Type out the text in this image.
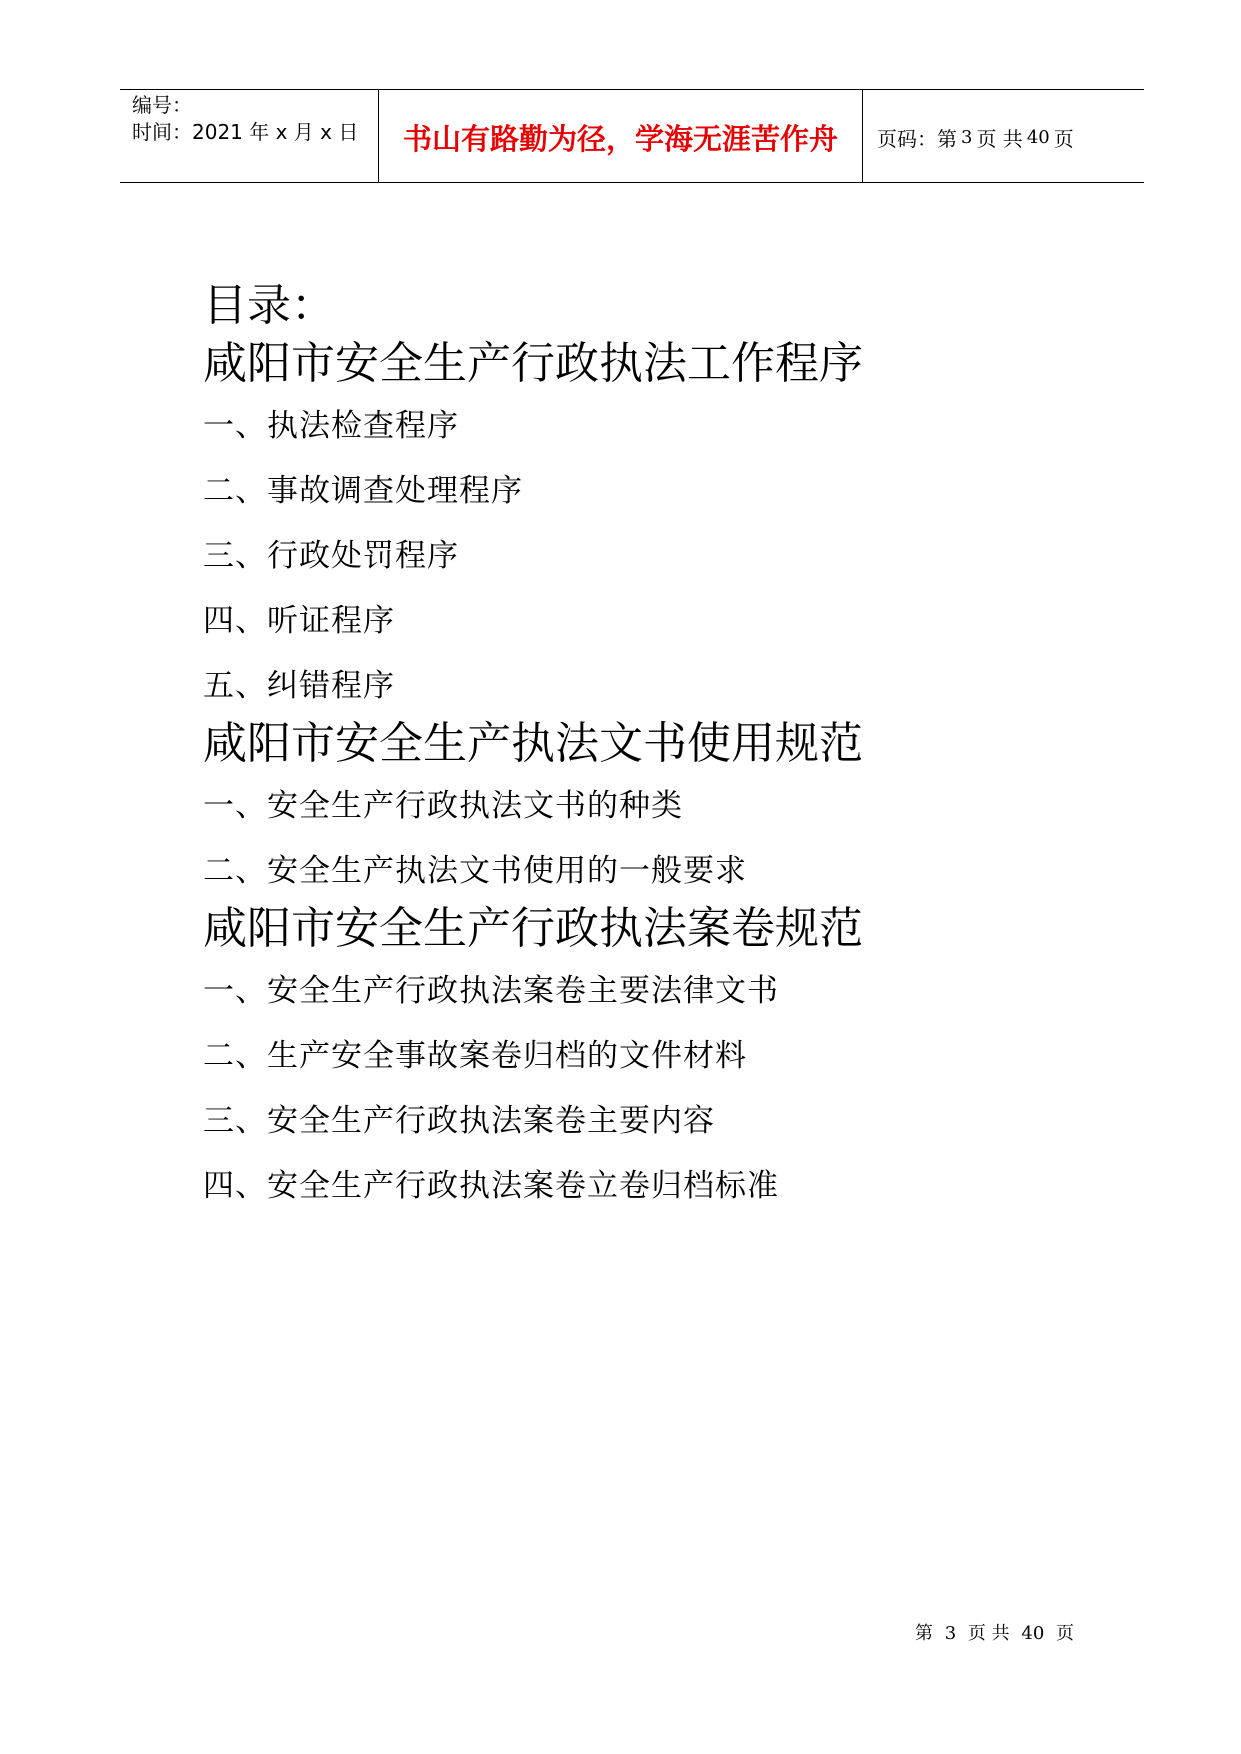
编号：
时间：2021 年 x 月 x 日	书山有路勤为径，学海无涯苦作舟	页码：第 3 页 共 40 页
目录：
咸阳市安全生产行政执法工作程序
一、执法检查程序
二、事故调查处理程序
三、行政处罚程序
四、听证程序
五、纠错程序
咸阳市安全生产执法文书使用规范
一、安全生产行政执法文书的种类
二、安全生产执法文书使用的一般要求
咸阳市安全生产行政执法案卷规范
一、安全生产行政执法案卷主要法律文书
二、生产安全事故案卷归档的文件材料
三、安全生产行政执法案卷主要内容
四、安全生产行政执法案卷立卷归档标准
第 3 页 共 40 页
